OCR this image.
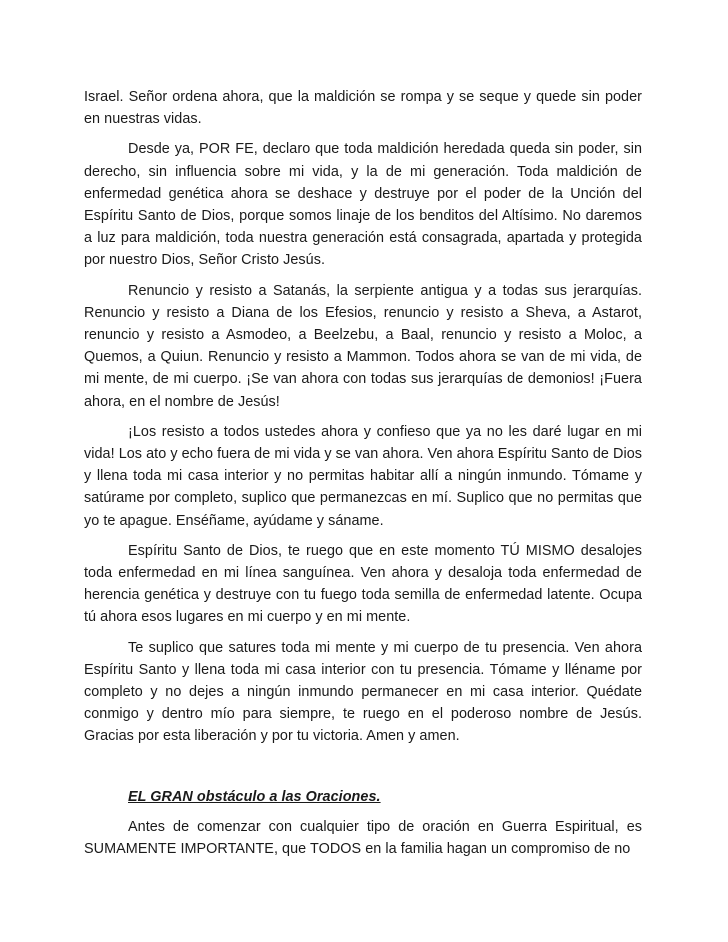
Israel. Señor ordena ahora, que la maldición se rompa y se seque y quede sin poder en nuestras vidas.

Desde ya, POR FE, declaro que toda maldición heredada queda sin poder, sin derecho, sin influencia sobre mi vida, y la de mi generación. Toda maldición de enfermedad genética ahora se deshace y destruye por el poder de la Unción del Espíritu Santo de Dios, porque somos linaje de los benditos del Altísimo. No daremos a luz para maldición, toda nuestra generación está consagrada, apartada y protegida por nuestro Dios, Señor Cristo Jesús.

Renuncio y resisto a Satanás, la serpiente antigua y a todas sus jerarquías. Renuncio y resisto a Diana de los Efesios, renuncio y resisto a Sheva, a Astarot, renuncio y resisto a Asmodeo, a Beelzebu, a Baal, renuncio y resisto a Moloc, a Quemos, a Quiun. Renuncio y resisto a Mammon. Todos ahora se van de mi vida, de mi mente, de mi cuerpo. ¡Se van ahora con todas sus jerarquías de demonios! ¡Fuera ahora, en el nombre de Jesús!

¡Los resisto a todos ustedes ahora y confieso que ya no les daré lugar en mi vida! Los ato y echo fuera de mi vida y se van ahora. Ven ahora Espíritu Santo de Dios y llena toda mi casa interior y no permitas habitar allí a ningún inmundo. Tómame y satúrame por completo, suplico que permanezcas en mí. Suplico que no permitas que yo te apague. Enséñame, ayúdame y sáname.

Espíritu Santo de Dios, te ruego que en este momento TÚ MISMO desalojes toda enfermedad en mi línea sanguínea. Ven ahora y desaloja toda enfermedad de herencia genética y destruye con tu fuego toda semilla de enfermedad latente. Ocupa tú ahora esos lugares en mi cuerpo y en mi mente.

Te suplico que satures toda mi mente y mi cuerpo de tu presencia. Ven ahora Espíritu Santo y llena toda mi casa interior con tu presencia. Tómame y lléname por completo y no dejes a ningún inmundo permanecer en mi casa interior. Quédate conmigo y dentro mío para siempre, te ruego en el poderoso nombre de Jesús. Gracias por esta liberación y por tu victoria. Amen y amen.

EL GRAN obstáculo a las Oraciones.

Antes de comenzar con cualquier tipo de oración en Guerra Espiritual, es SUMAMENTE IMPORTANTE, que TODOS en la familia hagan un compromiso de no
